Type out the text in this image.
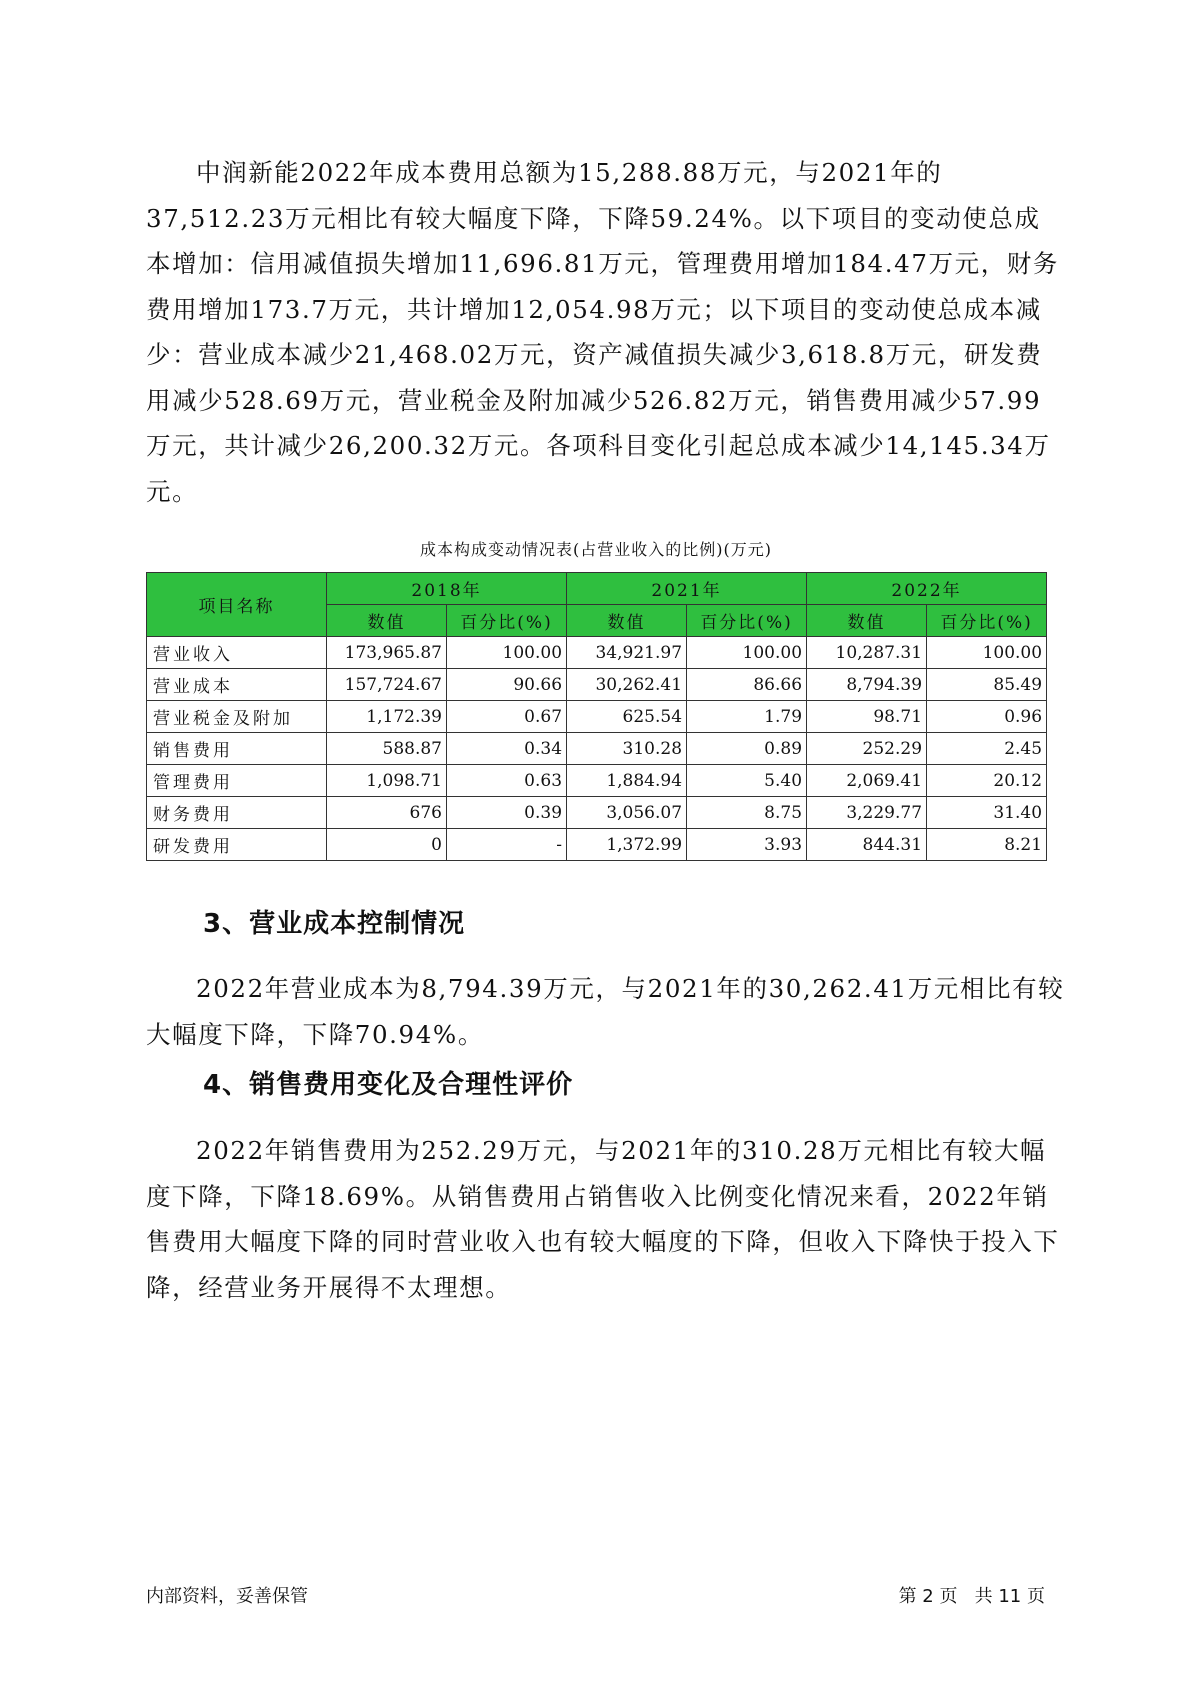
中润新能2022年成本费用总额为15,288.88万元，与2021年的37,512.23万元相比有较大幅度下降，下降59.24%。以下项目的变动使总成本增加：信用减值损失增加11,696.81万元，管理费用增加184.47万元，财务费用增加173.7万元，共计增加12,054.98万元；以下项目的变动使总成本减少：营业成本减少21,468.02万元，资产减值损失减少3,618.8万元，研发费用减少528.69万元，营业税金及附加减少526.82万元，销售费用减少57.99万元，共计减少26,200.32万元。各项科目变化引起总成本减少14,145.34万元。

成本构成变动情况表(占营业收入的比例)(万元)
项目名称	2018年		2021年		2022年	
	数值	百分比(%)	数值	百分比(%)	数值	百分比(%)
营业收入	173,965.87	100.00	34,921.97	100.00	10,287.31	100.00
营业成本	157,724.67	90.66	30,262.41	86.66	8,794.39	85.49
营业税金及附加	1,172.39	0.67	625.54	1.79	98.71	0.96
销售费用	588.87	0.34	310.28	0.89	252.29	2.45
管理费用	1,098.71	0.63	1,884.94	5.40	2,069.41	20.12
财务费用	676	0.39	3,056.07	8.75	3,229.77	31.40
研发费用	0	-	1,372.99	3.93	844.31	8.21
3、营业成本控制情况

2022年营业成本为8,794.39万元，与2021年的30,262.41万元相比有较大幅度下降，下降70.94%。

4、销售费用变化及合理性评价

2022年销售费用为252.29万元，与2021年的310.28万元相比有较大幅度下降，下降18.69%。从销售费用占销售收入比例变化情况来看，2022年销售费用大幅度下降的同时营业收入也有较大幅度的下降，但收入下降快于投入下降，经营业务开展得不太理想。

内部资料，妥善保管	第 2 页   共 11 页
